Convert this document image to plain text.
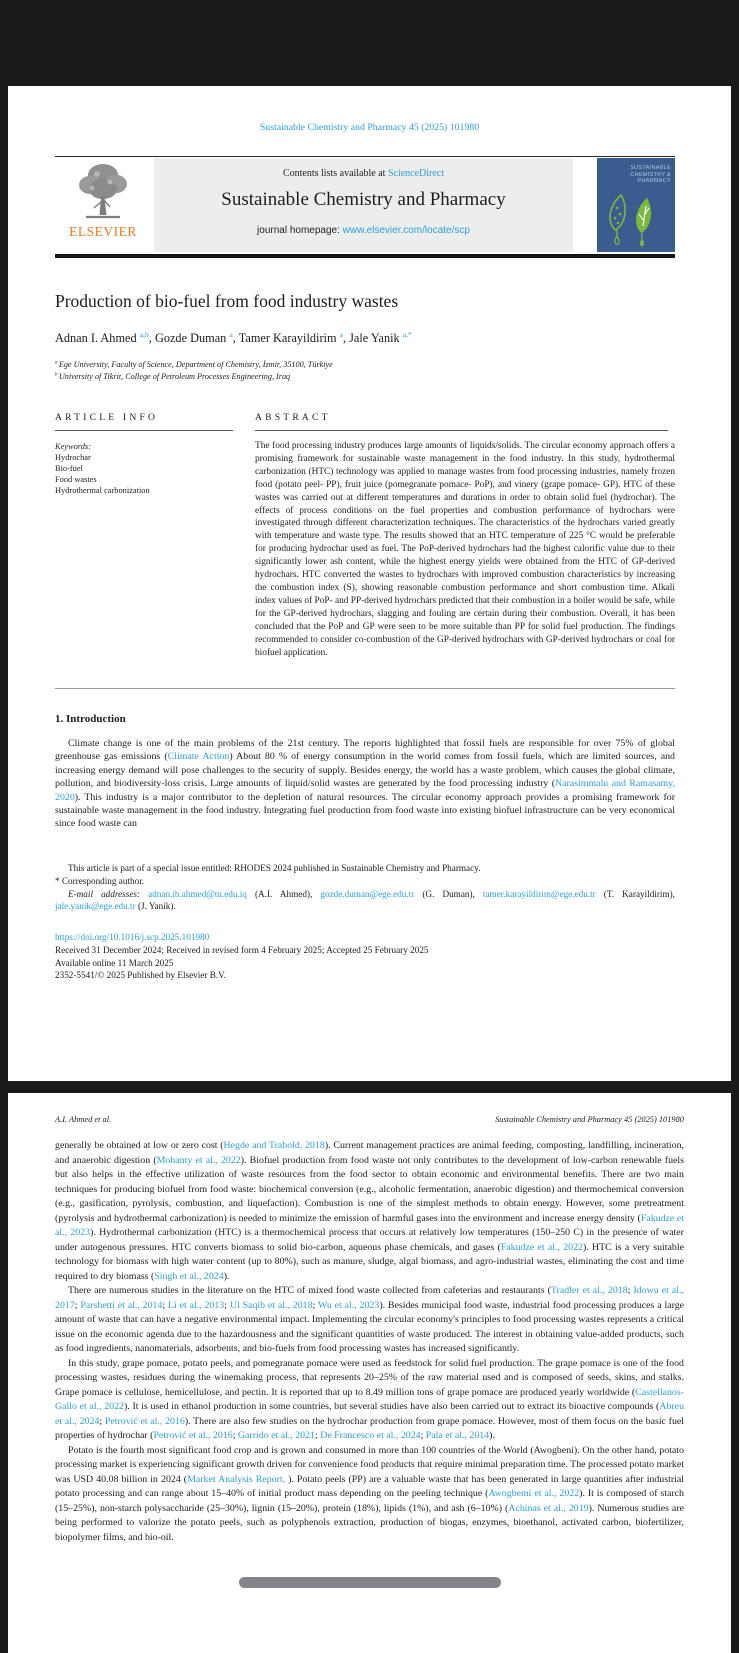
Sustainable Chemistry and Pharmacy 45 (2025) 101980
ELSEVIER
Contents lists available at ScienceDirect
Sustainable Chemistry and Pharmacy
journal homepage: www.elsevier.com/locate/scp
SUSTAINABLE CHEMISTRY & PHARMACY
Production of bio-fuel from food industry wastes
Adnan I. Ahmed $^{a,b}$, Gozde Duman $^a$, Tamer Karayildirim $^a$, Jale Yanik $^{a,*}$
$^a$ Ege University, Faculty of Science, Department of Chemistry, İzmir, 35100, Türkiye
$^b$ University of Tikrit, College of Petroleum Processes Engineering, Iraq
ARTICLE INFO
Keywords:
Hydrochar
Bio-fuel
Food wastes
Hydrothermal carbonization
ABSTRACT
The food processing industry produces large amounts of liquids/solids. The circular economy approach offers a promising framework for sustainable waste management in the food industry. In this study, hydrothermal carbonization (HTC) technology was applied to manage wastes from food processing industries, namely frozen food (potato peel- PP), fruit juice (pomegranate pomace- PoP), and vinery (grape pomace- GP). HTC of these wastes was carried out at different temperatures and durations in order to obtain solid fuel (hydrochar). The effects of process conditions on the fuel properties and combustion performance of hydrochars were investigated through different characterization techniques. The characteristics of the hydrochars varied greatly with temperature and waste type. The results showed that an HTC temperature of 225 °C would be preferable for producing hydrochar used as fuel. The PoP-derived hydrochars had the highest calorific value due to their significantly lower ash content, while the highest energy yields were obtained from the HTC of GP-derived hydrochars. HTC converted the wastes to hydrochars with improved combustion characteristics by increasing the combustion index (S), showing reasonable combustion performance and short combustion time. Alkali index values of PoP- and PP-derived hydrochars predicted that their combustion in a boiler would be safe, while for the GP-derived hydrochars, slagging and fouling are certain during their combustion. Overall, it has been concluded that the PoP and GP were seen to be more suitable than PP for solid fuel production. The findings recommended to consider co-combustion of the GP-derived hydrochars with GP-derived hydrochars or coal for biofuel application.
1. Introduction
Climate change is one of the main problems of the 21st century. The reports highlighted that fossil fuels are responsible for over 75% of global greenhouse gas emissions (Climate Action) About 80 % of energy consumption in the world comes from fossil fuels, which are limited sources, and increasing energy demand will pose challenges to the security of supply. Besides energy, the world has a waste problem, which causes the global climate, pollution, and biodiversity-loss crisis. Large amounts of liquid/solid wastes are generated by the food processing industry (Narasimmalu and Ramasamy, 2020). This industry is a major contributor to the depletion of natural resources. The circular economy approach provides a promising framework for sustainable waste management in the food industry. Integrating fuel production from food waste into existing biofuel infrastructure can be very economical since food waste can
This article is part of a special issue entitled: RHODES 2024 published in Sustainable Chemistry and Pharmacy.
* Corresponding author.
E-mail addresses: adnan.ib.ahmed@tu.edu.iq (A.I. Ahmed), gozde.duman@ege.edu.tr (G. Duman), tamer.karayildirim@ege.edu.tr (T. Karayildirim), jale.yanik@ege.edu.tr (J. Yanik).
https://doi.org/10.1016/j.scp.2025.101980
Received 31 December 2024; Received in revised form 4 February 2025; Accepted 25 February 2025
Available online 11 March 2025
2352-5541/© 2025 Published by Elsevier B.V.
A.I. Ahmed et al.	Sustainable Chemistry and Pharmacy 45 (2025) 101980
generally be obtained at low or zero cost (Hegde and Trabold, 2018). Current management practices are animal feeding, composting, landfilling, incineration, and anaerobic digestion (Mohanty et al., 2022). Biofuel production from food waste not only contributes to the development of low-carbon renewable fuels but also helps in the effective utilization of waste resources from the food sector to obtain economic and environmental benefits. There are two main techniques for producing biofuel from food waste: biochemical conversion (e.g., alcoholic fermentation, anaerobic digestion) and thermochemical conversion (e.g., gasification, pyrolysis, combustion, and liquefaction). Combustion is one of the simplest methods to obtain energy. However, some pretreatment (pyrolysis and hydrothermal carbonization) is needed to minimize the emission of harmful gases into the environment and increase energy density (Fakudze et al., 2023). Hydrothermal carbonization (HTC) is a thermochemical process that occurs at relatively low temperatures (150–250 C) in the presence of water under autogenous pressures. HTC converts biomass to solid bio-carbon, aqueous phase chemicals, and gases (Fakudze et al., 2022). HTC is a very suitable technology for biomass with high water content (up to 80%), such as manure, sludge, algal biomass, and agro-industrial wastes, eliminating the cost and time required to dry biomass (Singh et al., 2024).
There are numerous studies in the literature on the HTC of mixed food waste collected from cafeterias and restaurants (Tradler et al., 2018; Idowu et al., 2017; Parshetti et al., 2014; Li et al., 2013; Ul Saqib et al., 2018; Wu et al., 2023). Besides municipal food waste, industrial food processing produces a large amount of waste that can have a negative environmental impact. Implementing the circular economy's principles to food processing wastes represents a critical issue on the economic agenda due to the hazardousness and the significant quantities of waste produced. The interest in obtaining value-added products, such as food ingredients, nanomaterials, adsorbents, and bio-fuels from food processing wastes has increased significantly.
In this study, grape pomace, potato peels, and pomegranate pomace were used as feedstock for solid fuel production. The grape pomace is one of the food processing wastes, residues during the winemaking process, that represents 20–25% of the raw material used and is composed of seeds, skins, and stalks. Grape pomace is cellulose, hemicellulose, and pectin. It is reported that up to 8.49 million tons of grape pomace are produced yearly worldwide (Castellanos-Gallo et al., 2022). It is used in ethanol production in some countries, but several studies have also been carried out to extract its bioactive compounds (Abreu et al., 2024; Petrović et al., 2016). There are also few studies on the hydrochar production from grape pomace. However, most of them focus on the basic fuel properties of hydrochar (Petrović et al., 2016; Garrido et al., 2021; De Francesco et al., 2024; Pala et al., 2014).
Potato is the fourth most significant food crop and is grown and consumed in more than 100 countries of the World (Awogbeni). On the other hand, potato processing market is experiencing significant growth driven for convenience food products that require minimal preparation time. The processed potato market was USD 40.08 billion in 2024 (Market Analysis Report, ). Potato peels (PP) are a valuable waste that has been generated in large quantities after industrial potato processing and can range about 15–40% of initial product mass depending on the peeling technique (Awogbemi et al., 2022). It is composed of starch (15–25%), non-starch polysaccharide (25–30%), lignin (15–20%), protein (18%), lipids (1%), and ash (6–10%) (Achinas et al., 2019). Numerous studies are being performed to valorize the potato peels, such as polyphenols extraction, production of biogas, enzymes, bioethanol, activated carbon, biofertilizer, biopolymer films, and bio-oil.
